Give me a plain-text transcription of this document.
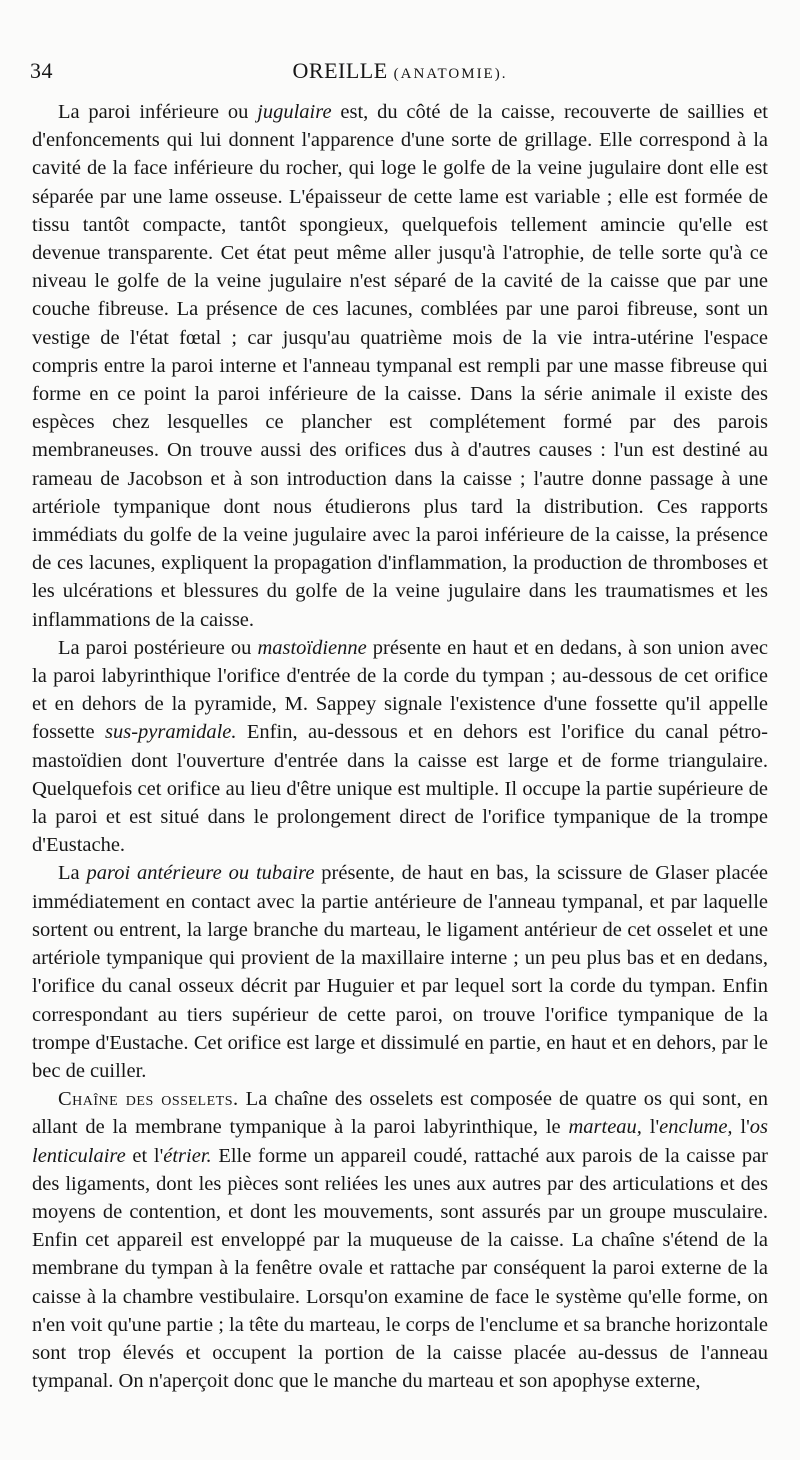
34	OREILLE (ANATOMIE).

La paroi inférieure ou jugulaire est, du côté de la caisse, recouverte de saillies et d'enfoncements qui lui donnent l'apparence d'une sorte de grillage. Elle correspond à la cavité de la face inférieure du rocher, qui loge le golfe de la veine jugulaire dont elle est séparée par une lame osseuse. L'épaisseur de cette lame est variable ; elle est formée de tissu tantôt compacte, tantôt spongieux, quelquefois tellement amincie qu'elle est devenue transparente. Cet état peut même aller jusqu'à l'atrophie, de telle sorte qu'à ce niveau le golfe de la veine jugulaire n'est séparé de la cavité de la caisse que par une couche fibreuse. La présence de ces lacunes, comblées par une paroi fibreuse, sont un vestige de l'état fœtal ; car jusqu'au quatrième mois de la vie intra-utérine l'espace compris entre la paroi interne et l'anneau tympanal est rempli par une masse fibreuse qui forme en ce point la paroi inférieure de la caisse. Dans la série animale il existe des espèces chez lesquelles ce plancher est complétement formé par des parois membraneuses. On trouve aussi des orifices dus à d'autres causes : l'un est destiné au rameau de Jacobson et à son introduction dans la caisse ; l'autre donne passage à une artériole tympanique dont nous étudierons plus tard la distribution. Ces rapports immédiats du golfe de la veine jugulaire avec la paroi inférieure de la caisse, la présence de ces lacunes, expliquent la propagation d'inflammation, la production de thromboses et les ulcérations et blessures du golfe de la veine jugulaire dans les traumatismes et les inflammations de la caisse.

La paroi postérieure ou mastoïdienne présente en haut et en dedans, à son union avec la paroi labyrinthique l'orifice d'entrée de la corde du tympan ; au-dessous de cet orifice et en dehors de la pyramide, M. Sappey signale l'existence d'une fossette qu'il appelle fossette sus-pyramidale. Enfin, au-dessous et en dehors est l'orifice du canal pétro-mastoïdien dont l'ouverture d'entrée dans la caisse est large et de forme triangulaire. Quelquefois cet orifice au lieu d'être unique est multiple. Il occupe la partie supérieure de la paroi et est situé dans le prolongement direct de l'orifice tympanique de la trompe d'Eustache.

La paroi antérieure ou tubaire présente, de haut en bas, la scissure de Glaser placée immédiatement en contact avec la partie antérieure de l'anneau tympanal, et par laquelle sortent ou entrent, la large branche du marteau, le ligament antérieur de cet osselet et une artériole tympanique qui provient de la maxillaire interne ; un peu plus bas et en dedans, l'orifice du canal osseux décrit par Huguier et par lequel sort la corde du tympan. Enfin correspondant au tiers supérieur de cette paroi, on trouve l'orifice tympanique de la trompe d'Eustache. Cet orifice est large et dissimulé en partie, en haut et en dehors, par le bec de cuiller.

Chaîne des osselets. La chaîne des osselets est composée de quatre os qui sont, en allant de la membrane tympanique à la paroi labyrinthique, le marteau, l'enclume, l'os lenticulaire et l'étrier. Elle forme un appareil coudé, rattaché aux parois de la caisse par des ligaments, dont les pièces sont reliées les unes aux autres par des articulations et des moyens de contention, et dont les mouvements, sont assurés par un groupe musculaire. Enfin cet appareil est enveloppé par la muqueuse de la caisse. La chaîne s'étend de la membrane du tympan à la fenêtre ovale et rattache par conséquent la paroi externe de la caisse à la chambre vestibulaire. Lorsqu'on examine de face le système qu'elle forme, on n'en voit qu'une partie ; la tête du marteau, le corps de l'enclume et sa branche horizontale sont trop élevés et occupent la portion de la caisse placée au-dessus de l'anneau tympanal. On n'aperçoit donc que le manche du marteau et son apophyse externe,
